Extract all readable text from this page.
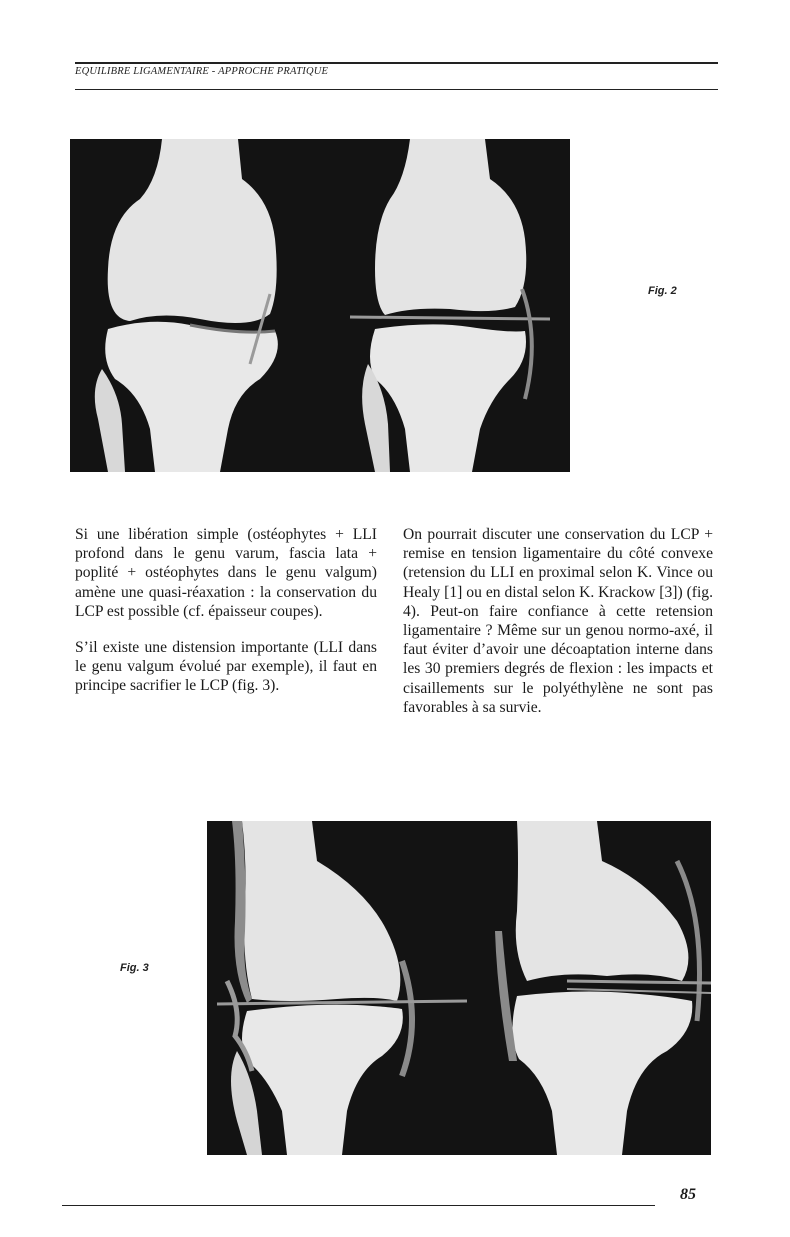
EQUILIBRE LIGAMENTAIRE - APPROCHE PRATIQUE
Fig. 2

Si une libération simple (ostéophytes + LLI profond dans le genu varum, fascia lata + poplité + ostéophytes dans le genu valgum) amène une quasi-réaxation : la conservation du LCP est possible (cf. épaisseur coupes).

S’il existe une distension importante (LLI dans le genu valgum évolué par exemple), il faut en principe sacrifier le LCP (fig. 3).

On pourrait discuter une conservation du LCP + remise en tension ligamentaire du côté convexe (retension du LLI en proximal selon K. Vince ou Healy [1] ou en distal selon K. Krackow [3]) (fig. 4). Peut-on faire confiance à cette retension ligamentaire ? Même sur un genou normo-axé, il faut éviter d’avoir une décoaptation interne dans les 30 premiers degrés de flexion : les impacts et cisaillements sur le polyéthylène ne sont pas favorables à sa survie.

Fig. 3
85
